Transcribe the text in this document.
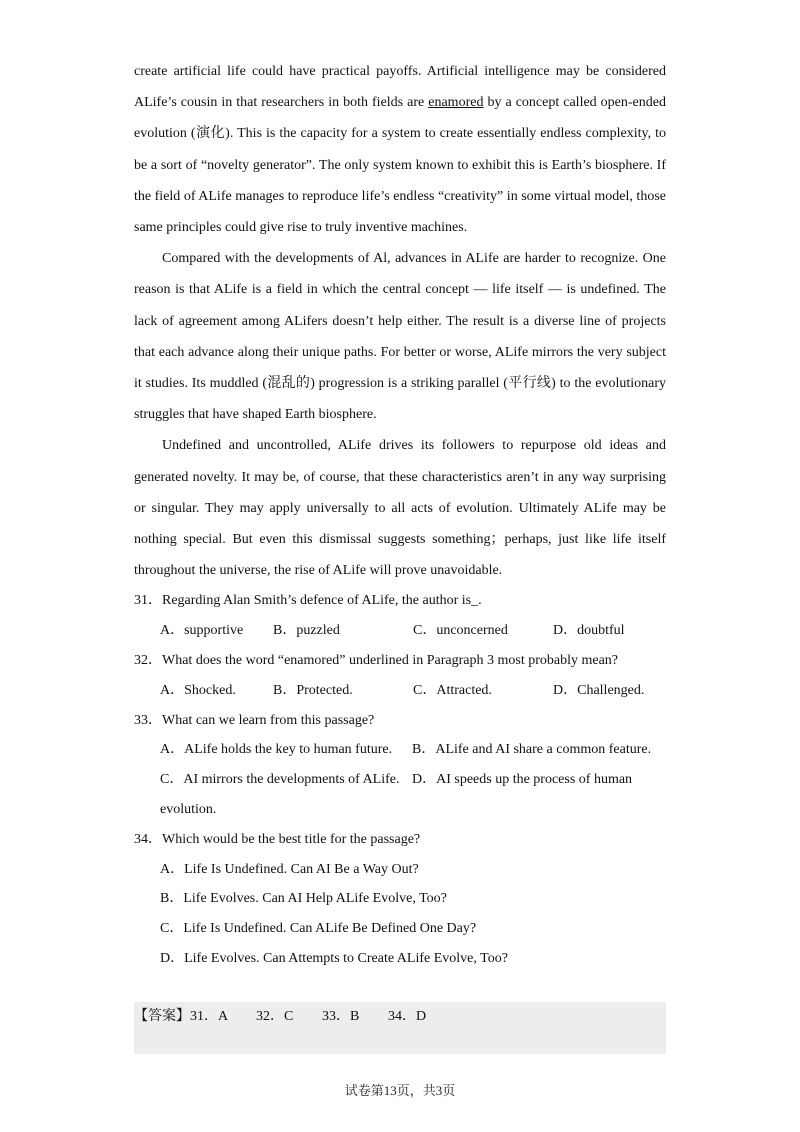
create artificial life could have practical payoffs. Artificial intelligence may be considered ALife’s cousin in that researchers in both fields are enamored by a concept called open-ended evolution (演化). This is the capacity for a system to create essentially endless complexity, to be a sort of “novelty generator”. The only system known to exhibit this is Earth’s biosphere. If the field of ALife manages to reproduce life’s endless “creativity” in some virtual model, those same principles could give rise to truly inventive machines.

Compared with the developments of Al, advances in ALife are harder to recognize. One reason is that ALife is a field in which the central concept — life itself — is undefined. The lack of agreement among ALifers doesn’t help either. The result is a diverse line of projects that each advance along their unique paths. For better or worse, ALife mirrors the very subject it studies. Its muddled (混乱的) progression is a striking parallel (平行线) to the evolutionary struggles that have shaped Earth biosphere.

Undefined and uncontrolled, ALife drives its followers to repurpose old ideas and generated novelty. It may be, of course, that these characteristics aren’t in any way surprising or singular. They may apply universally to all acts of evolution. Ultimately ALife may be nothing special. But even this dismissal suggests something；perhaps, just like life itself throughout the universe, the rise of ALife will prove unavoidable.

31．Regarding Alan Smith’s defence of ALife, the author is_.
A．supportive B．puzzled	C．unconcerned	D．doubtful
32．What does the word “enamored” underlined in Paragraph 3 most probably mean?
A．Shocked.	B．Protected.	C．Attracted.	D．Challenged.
33．What can we learn from this passage?
A．ALife holds the key to human future. B．ALife and AI share a common feature.
C．AI mirrors the developments of ALife. D．AI speeds up the process of human
evolution.
34．Which would be the best title for the passage?
A．Life Is Undefined. Can AI Be a Way Out?
B．Life Evolves. Can AI Help ALife Evolve, Too?
C．Life Is Undefined. Can ALife Be Defined One Day?
D．Life Evolves. Can Attempts to Create ALife Evolve, Too?
【答案】 31．A 32．C 33．B 34．D
试卷第13页，共3页
